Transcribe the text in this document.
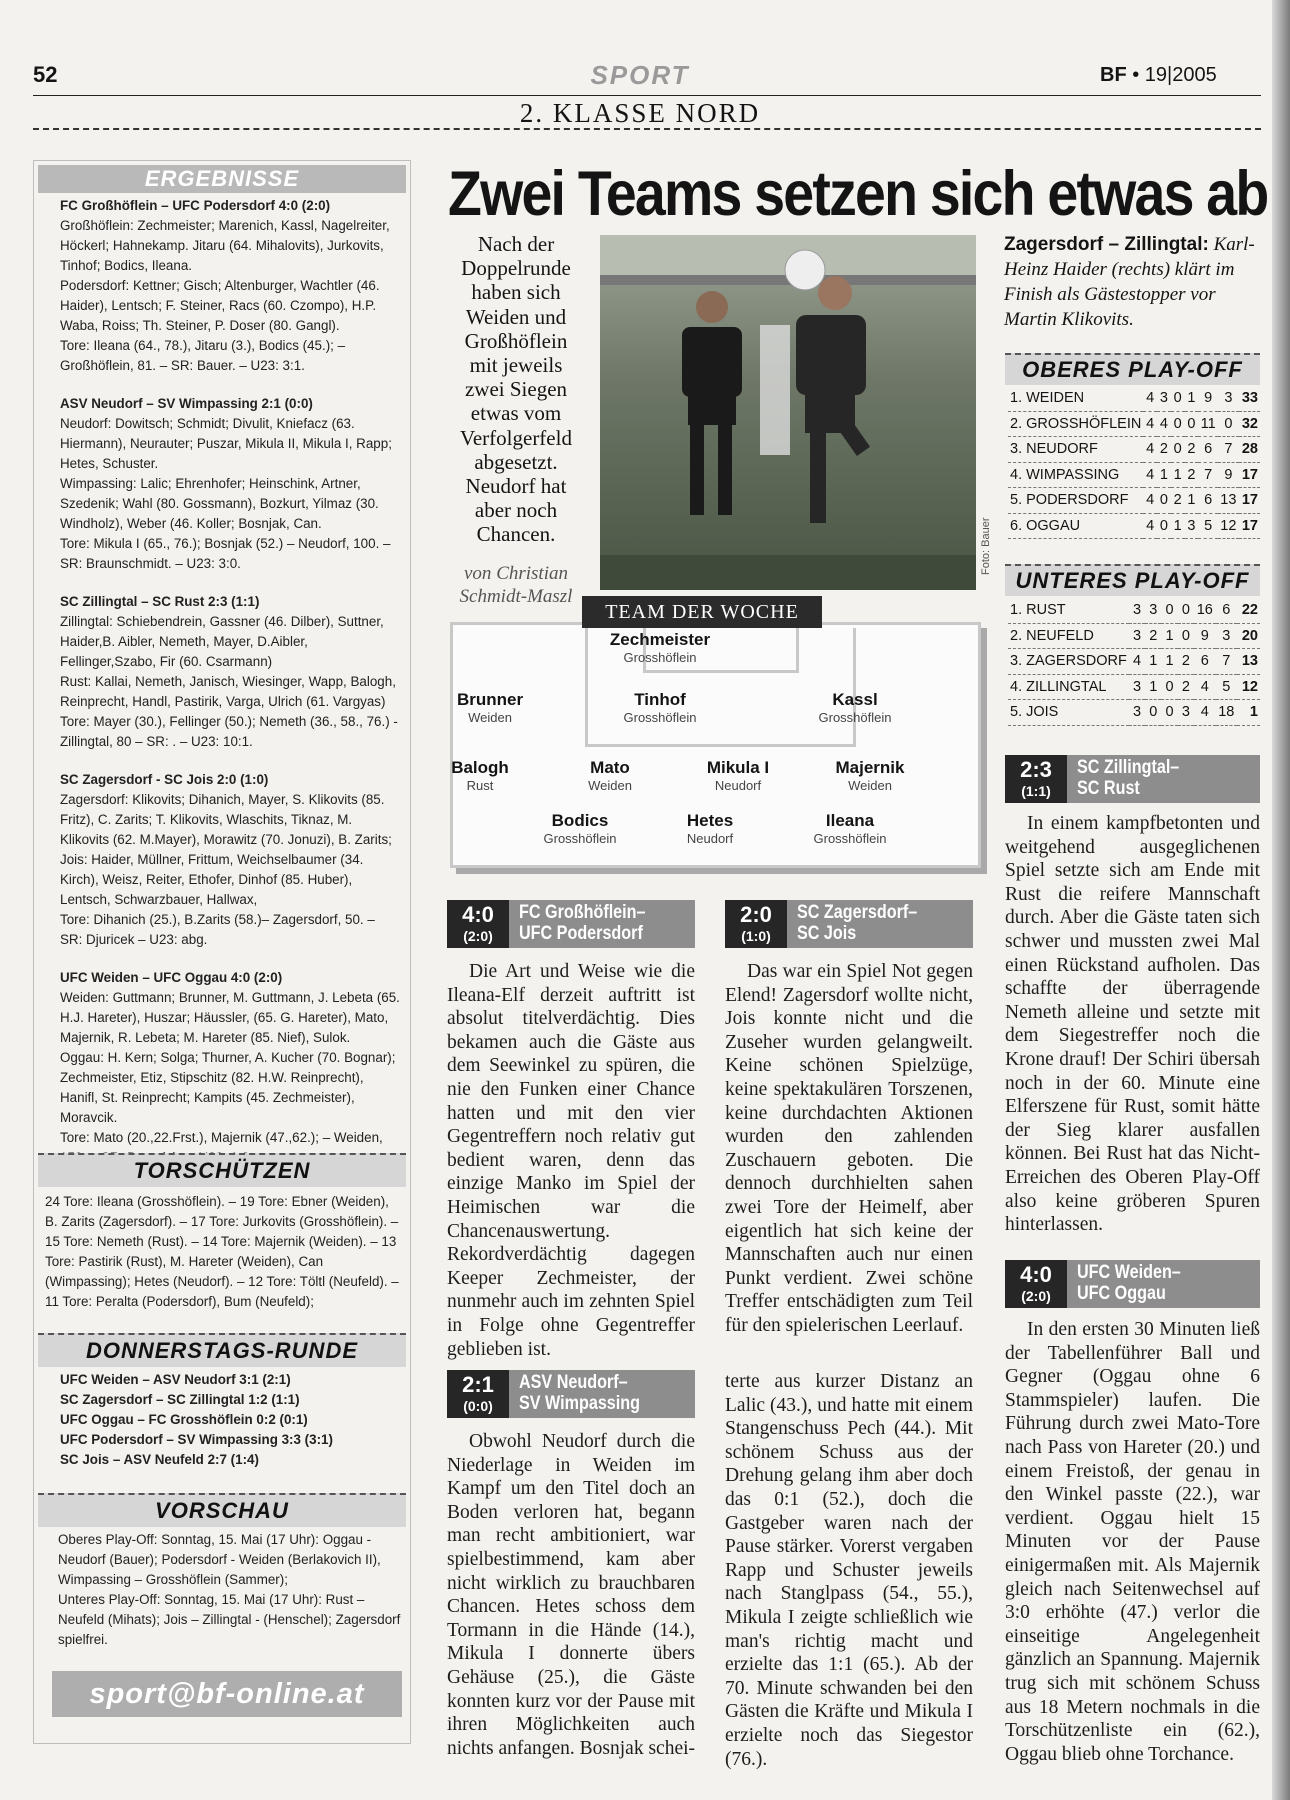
52	SPORT	BF • 19|2005
2. KLASSE NORD
ERGEBNISSE

FC Großhöflein – UFC Podersdorf 4:0 (2:0)
Großhöflein: Zechmeister; Marenich, Kassl, Nagelreiter, Höckerl; Hahnekamp. Jitaru (64. Mihalovits), Jurkovits, Tinhof; Bodics, Ileana.
Podersdorf: Kettner; Gisch; Altenburger, Wachtler (46. Haider), Lentsch; F. Steiner, Racs (60. Czompo), H.P. Waba, Roiss; Th. Steiner, P. Doser (80. Gangl).
Tore: Ileana (64., 78.), Jitaru (3.), Bodics (45.); – Großhöflein, 81. – SR: Bauer. – U23: 3:1.

ASV Neudorf – SV Wimpassing 2:1 (0:0)
Neudorf: Dowitsch; Schmidt; Divulit, Kniefacz (63. Hiermann), Neurauter; Puszar, Mikula II, Mikula I, Rapp; Hetes, Schuster.
Wimpassing: Lalic; Ehrenhofer; Heinschink, Artner, Szedenik; Wahl (80. Gossmann), Bozkurt, Yilmaz (30. Windholz), Weber (46. Koller; Bosnjak, Can.
Tore: Mikula I (65., 76.); Bosnjak (52.) – Neudorf, 100. – SR: Braunschmidt. – U23: 3:0.

SC Zillingtal – SC Rust 2:3 (1:1)
Zillingtal: Schiebendrein, Gassner (46. Dilber), Suttner, Haider,B. Aibler, Nemeth, Mayer, D.Aibler, Fellinger,Szabo, Fir (60. Csarmann)
Rust: Kallai, Nemeth, Janisch, Wiesinger, Wapp, Balogh, Reinprecht, Handl, Pastirik, Varga, Ulrich (61. Vargyas)
Tore: Mayer (30.), Fellinger (50.); Nemeth (36., 58., 76.) - Zillingtal, 80 – SR: . – U23: 10:1.

SC Zagersdorf - SC Jois 2:0 (1:0)
Zagersdorf: Klikovits; Dihanich, Mayer, S. Klikovits (85. Fritz), C. Zarits; T. Klikovits, Wlaschits, Tiknaz, M. Klikovits (62. M.Mayer), Morawitz (70. Jonuzi), B. Zarits;
Jois: Haider, Müllner, Frittum, Weichselbaumer (34. Kirch), Weisz, Reiter, Ethofer, Dinhof (85. Huber), Lentsch, Schwarzbauer, Hallwax,
Tore: Dihanich (25.), B.Zarits (58.)– Zagersdorf, 50. – SR: Djuricek – U23: abg.

UFC Weiden – UFC Oggau 4:0 (2:0)
Weiden: Guttmann; Brunner, M. Guttmann, J. Lebeta (65. H.J. Hareter), Huszar; Häussler, (65. G. Hareter), Mato, Majernik, R. Lebeta; M. Hareter (85. Nief), Sulok.
Oggau: H. Kern; Solga; Thurner, A. Kucher (70. Bognar); Zechmeister, Etiz, Stipschitz (82. H.W. Reinprecht), Hanifl, St. Reinprecht; Kampits (45. Zechmeister), Moravcik.
Tore: Mato (20.,22.Frst.), Majernik (47.,62.); – Weiden,

TORSCHÜTZEN
24 Tore: Ileana (Grosshöflein). – 19 Tore: Ebner (Weiden), B. Zarits (Zagersdorf). – 17 Tore: Jurkovits (Grosshöflein). – 15 Tore: Nemeth (Rust). – 14 Tore: Majernik (Weiden). – 13 Tore: Pastirik (Rust), M. Hareter (Weiden), Can (Wimpassing); Hetes (Neudorf). – 12 Tore: Töltl (Neufeld). – 11 Tore: Peralta (Podersdorf), Bum (Neufeld);
DONNERSTAGS-RUNDE
UFC Weiden – ASV Neudorf 3:1 (2:1)
SC Zagersdorf – SC Zillingtal 1:2 (1:1)
UFC Oggau – FC Grosshöflein 0:2 (0:1)
UFC Podersdorf – SV Wimpassing 3:3 (3:1)
SC Jois – ASV Neufeld 2:7 (1:4)
VORSCHAU
Oberes Play-Off: Sonntag, 15. Mai (17 Uhr): Oggau - Neudorf (Bauer); Podersdorf - Weiden (Berlakovich II), Wimpassing – Grosshöflein (Sammer);
Unteres Play-Off: Sonntag, 15. Mai (17 Uhr): Rust – Neufeld (Mihats); Jois – Zillingtal - (Henschel); Zagersdorf spielfrei.
sport@bf-online.at
Zwei Teams setzen sich etwas ab
Nach der Doppelrunde haben sich Weiden und Großhöflein mit jeweils zwei Siegen etwas vom Verfolgerfeld abgesetzt. Neudorf hat aber noch Chancen.
von Christian Schmidt-Maszl
Foto: Bauer
Zagersdorf – Zillingtal: Karl-Heinz Haider (rechts) klärt im Finish als Gästestopper vor Martin Klikovits.
TEAM DER WOCHE
Zechmeister
Grosshöflein
Brunner
Weiden
Tinhof
Grosshöflein
Kassl
Grosshöflein
Balogh
Rust
Mato
Weiden
Mikula I
Neudorf
Majernik
Weiden
Bodics
Grosshöflein
Hetes
Neudorf
Ileana
Grosshöflein
OBERES PLAY-OFF
1. WEIDEN	4	3	0	1	9	3	33
2. GROSSHÖFLEIN	4	4	0	0	11	0	32
3. NEUDORF	4	2	0	2	6	7	28
4. WIMPASSING	4	1	1	2	7	9	17
5. PODERSDORF	4	0	2	1	6	13	17
6. OGGAU	4	0	1	3	5	12	17
UNTERES PLAY-OFF
1. RUST	3	3	0	0	16	6	22
2. NEUFELD	3	2	1	0	9	3	20
3. ZAGERSDORF	4	1	1	2	6	7	13
4. ZILLINGTAL	3	1	0	2	4	5	12
5. JOIS	3	0	0	3	4	18	1
4:0
(2:0)
FC Großhöflein–
UFC Podersdorf
Die Art und Weise wie die Ileana-Elf derzeit auftritt ist absolut titelverdächtig. Dies bekamen auch die Gäste aus dem Seewinkel zu spüren, die nie den Funken einer Chance hatten und mit den vier Gegentreffern noch relativ gut bedient waren, denn das einzige Manko im Spiel der Heimischen war die Chancenauswertung. Rekordverdächtig dagegen Keeper Zechmeister, der nunmehr auch im zehnten Spiel in Folge ohne Gegentreffer geblieben ist.
2:0
(1:0)
SC Zagersdorf–
SC Jois
Das war ein Spiel Not gegen Elend! Zagersdorf wollte nicht, Jois konnte nicht und die Zuseher wurden gelangweilt. Keine schönen Spielzüge, keine spektakulären Torszenen, keine durchdachten Aktionen wurden den zahlenden Zuschauern geboten. Die dennoch durchhielten sahen zwei Tore der Heimelf, aber eigentlich hat sich keine der Mannschaften auch nur einen Punkt verdient. Zwei schöne Treffer entschädigten zum Teil für den spielerischen Leerlauf.
2:1
(0:0)
ASV Neudorf–
SV Wimpassing
Obwohl Neudorf durch die Niederlage in Weiden im Kampf um den Titel doch an Boden verloren hat, begann man recht ambitioniert, war spielbestimmend, kam aber nicht wirklich zu brauchbaren Chancen. Hetes schoss dem Tormann in die Hände (14.), Mikula I donnerte übers Gehäuse (25.), die Gäste konnten kurz vor der Pause mit ihren Möglichkeiten auch nichts anfangen. Bosnjak schei-
terte aus kurzer Distanz an Lalic (43.), und hatte mit einem Stangenschuss Pech (44.). Mit schönem Schuss aus der Drehung gelang ihm aber doch das 0:1 (52.), doch die Gastgeber waren nach der Pause stärker. Vorerst vergaben Rapp und Schuster jeweils nach Stanglpass (54., 55.), Mikula I zeigte schließlich wie man's richtig macht und erzielte das 1:1 (65.). Ab der 70. Minute schwanden bei den Gästen die Kräfte und Mikula I erzielte noch das Siegestor (76.).
2:3
(1:1)
SC Zillingtal–
SC Rust
In einem kampfbetonten und weitgehend ausgeglichenen Spiel setzte sich am Ende mit Rust die reifere Mannschaft durch. Aber die Gäste taten sich schwer und mussten zwei Mal einen Rückstand aufholen. Das schaffte der überragende Nemeth alleine und setzte mit dem Siegestreffer noch die Krone drauf! Der Schiri übersah noch in der 60. Minute eine Elferszene für Rust, somit hätte der Sieg klarer ausfallen können. Bei Rust hat das Nicht-Erreichen des Oberen Play-Off also keine gröberen Spuren hinterlassen.
4:0
(2:0)
UFC Weiden–
UFC Oggau
In den ersten 30 Minuten ließ der Tabellenführer Ball und Gegner (Oggau ohne 6 Stammspieler) laufen. Die Führung durch zwei Mato-Tore nach Pass von Hareter (20.) und einem Freistoß, der genau in den Winkel passte (22.), war verdient. Oggau hielt 15 Minuten vor der Pause einigermaßen mit. Als Majernik gleich nach Seitenwechsel auf 3:0 erhöhte (47.) verlor die einseitige Angelegenheit gänzlich an Spannung. Majernik trug sich mit schönem Schuss aus 18 Metern nochmals in die Torschützenliste ein (62.), Oggau blieb ohne Torchance.
